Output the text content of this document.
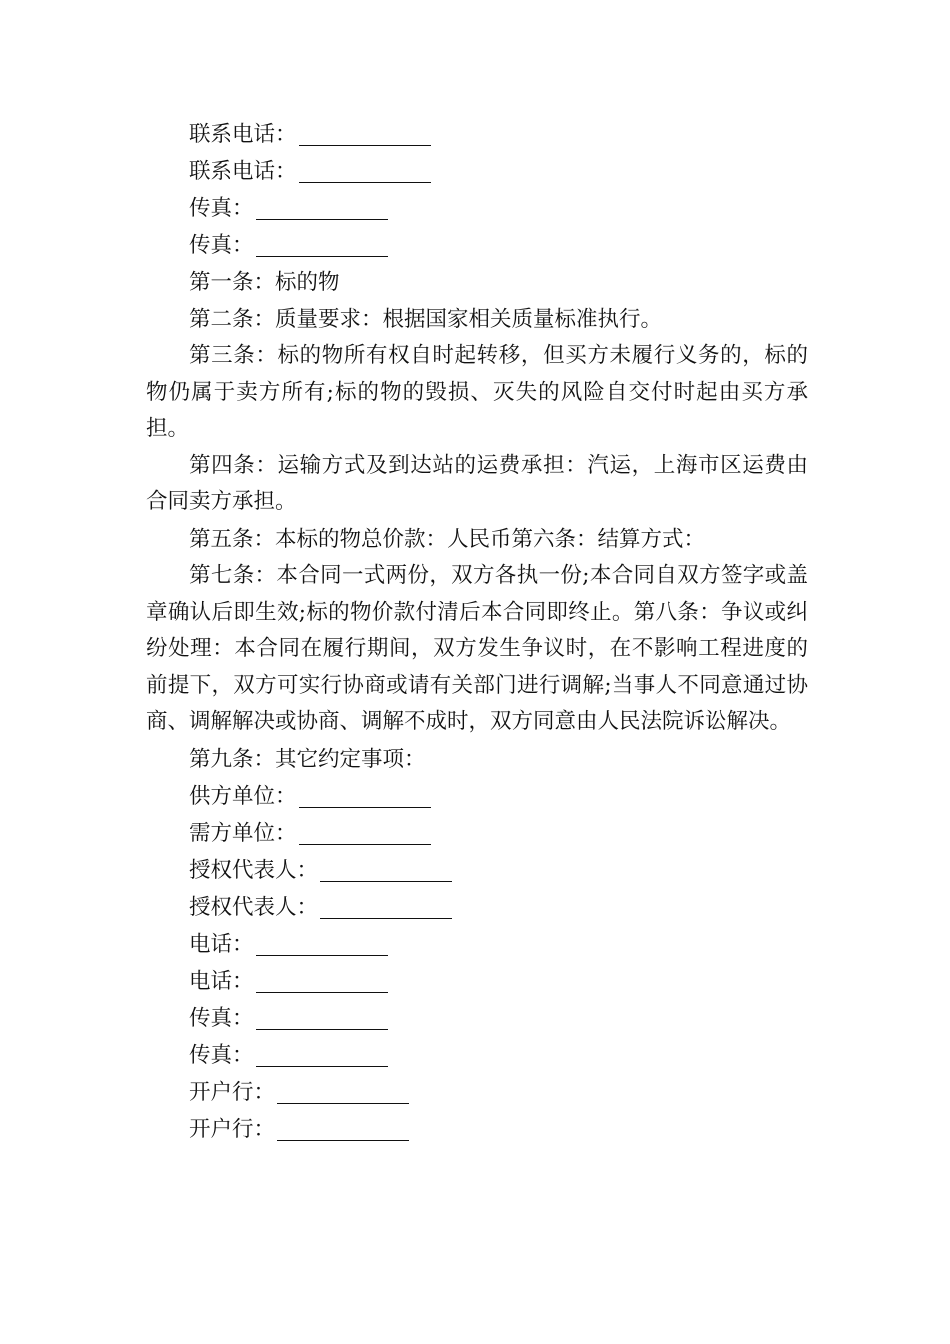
联系电话：
联系电话：
传真：
传真：
第一条：标的物
第二条：质量要求：根据国家相关质量标准执行。

第三条：标的物所有权自时起转移，但买方未履行义务的，标的物仍属于卖方所有;标的物的毁损、灭失的风险自交付时起由买方承担。

第四条：运输方式及到达站的运费承担：汽运，上海市区运费由合同卖方承担。

第五条：本标的物总价款：人民币第六条：结算方式：

第七条：本合同一式两份，双方各执一份;本合同自双方签字或盖章确认后即生效;标的物价款付清后本合同即终止。第八条：争议或纠纷处理：本合同在履行期间，双方发生争议时，在不影响工程进度的前提下，双方可实行协商或请有关部门进行调解;当事人不同意通过协商、调解解决或协商、调解不成时，双方同意由人民法院诉讼解决。

第九条：其它约定事项：
供方单位：
需方单位：
授权代表人：
授权代表人：
电话：
电话：
传真：
传真：
开户行：
开户行：
